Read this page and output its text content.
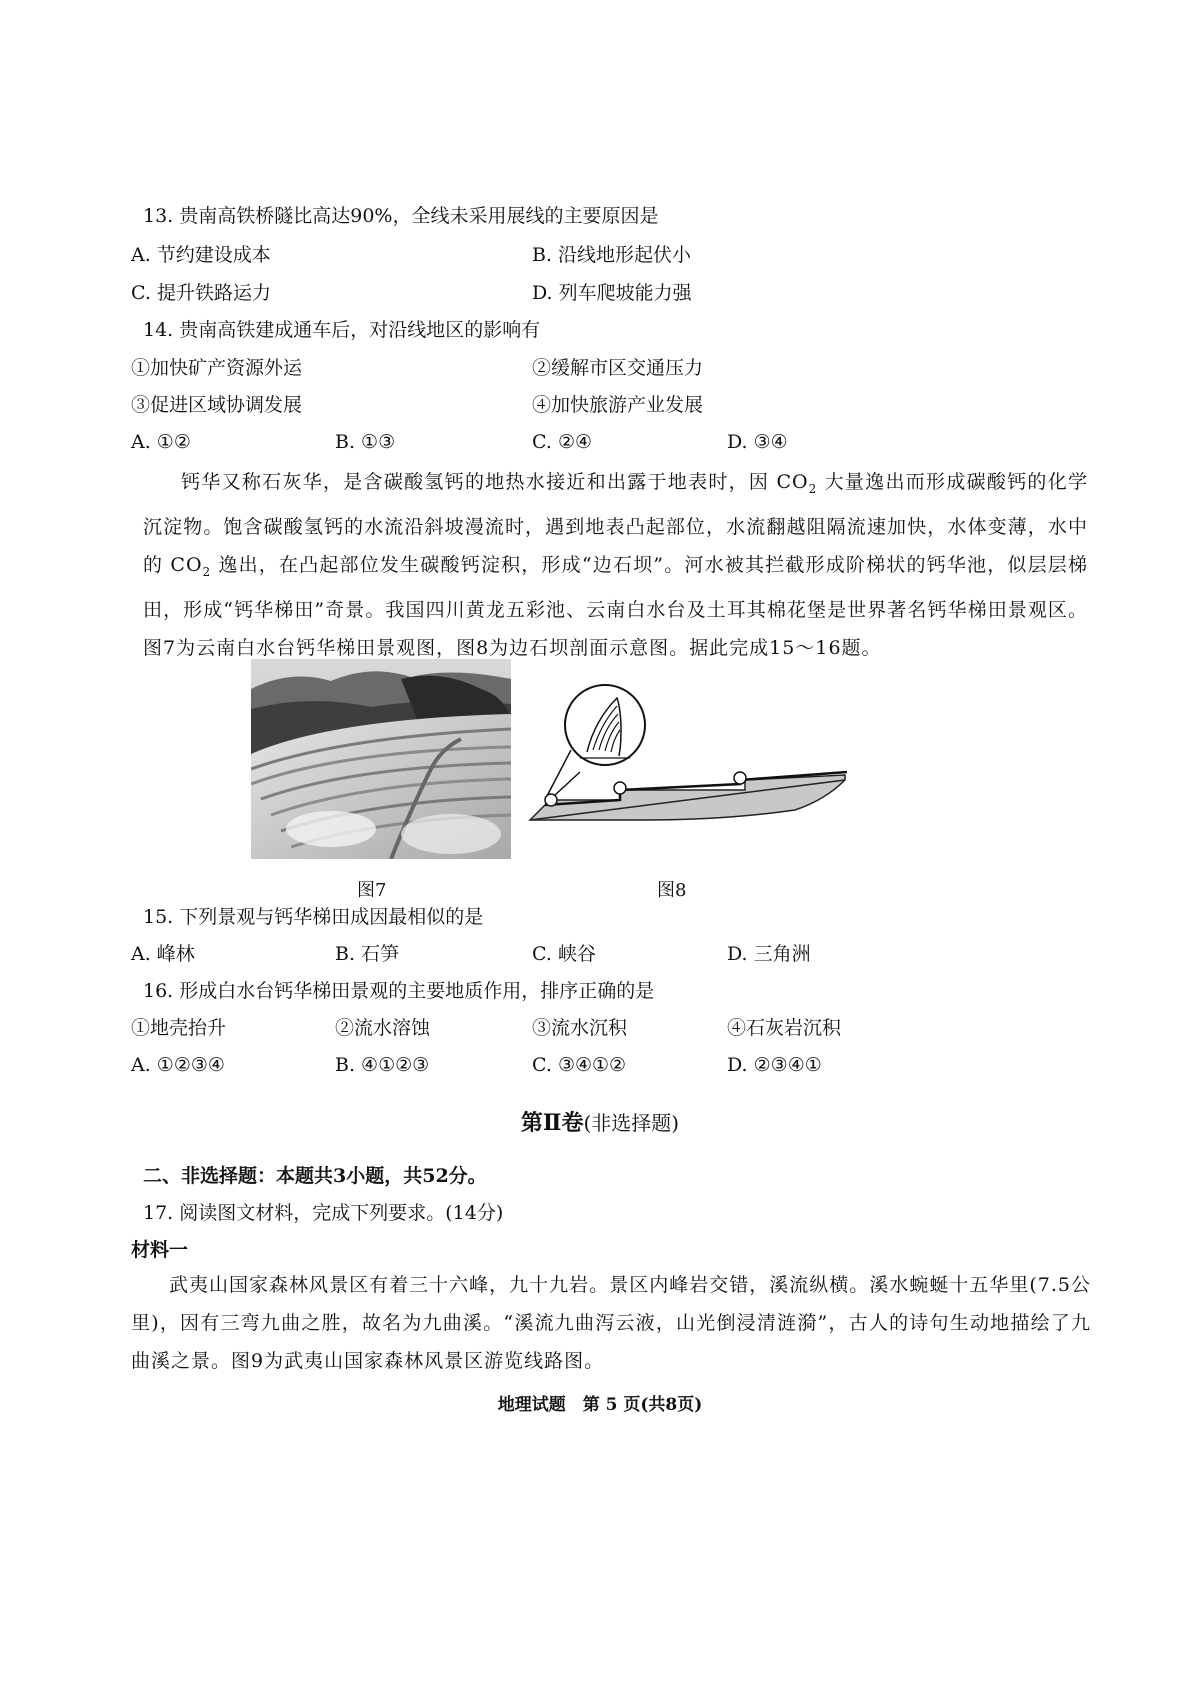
13. 贵南高铁桥隧比高达90%，全线未采用展线的主要原因是
A. 节约建设成本	B. 沿线地形起伏小
C. 提升铁路运力	D. 列车爬坡能力强
14. 贵南高铁建成通车后，对沿线地区的影响有
①加快矿产资源外运	②缓解市区交通压力
③促进区域协调发展	④加快旅游产业发展
A. ①②	B. ①③	C. ②④	D. ③④
钙华又称石灰华，是含碳酸氢钙的地热水接近和出露于地表时，因 $CO_2$ 大量逸出而形成碳酸钙的化学沉淀物。饱含碳酸氢钙的水流沿斜坡漫流时，遇到地表凸起部位，水流翻越阻隔流速加快，水体变薄，水中的 $CO_2$ 逸出，在凸起部位发生碳酸钙淀积，形成“边石坝”。河水被其拦截形成阶梯状的钙华池，似层层梯田，形成“钙华梯田”奇景。我国四川黄龙五彩池、云南白水台及土耳其棉花堡是世界著名钙华梯田景观区。图7为云南白水台钙华梯田景观图，图8为边石坝剖面示意图。据此完成15～16题。
图7	图8
15. 下列景观与钙华梯田成因最相似的是
A. 峰林	B. 石笋	C. 峡谷	D. 三角洲
16. 形成白水台钙华梯田景观的主要地质作用，排序正确的是
①地壳抬升	②流水溶蚀	③流水沉积	④石灰岩沉积
A. ①②③④	B. ④①②③	C. ③④①②	D. ②③④①
第Ⅱ卷(非选择题)
二、非选择题：本题共3小题，共52分。
17. 阅读图文材料，完成下列要求。(14分)
材料一
武夷山国家森林风景区有着三十六峰，九十九岩。景区内峰岩交错，溪流纵横。溪水蜿蜒十五华里(7.5公里)，因有三弯九曲之胜，故名为九曲溪。“溪流九曲泻云液，山光倒浸清涟漪”，古人的诗句生动地描绘了九曲溪之景。图9为武夷山国家森林风景区游览线路图。
地理试题　第 5 页(共8页)
